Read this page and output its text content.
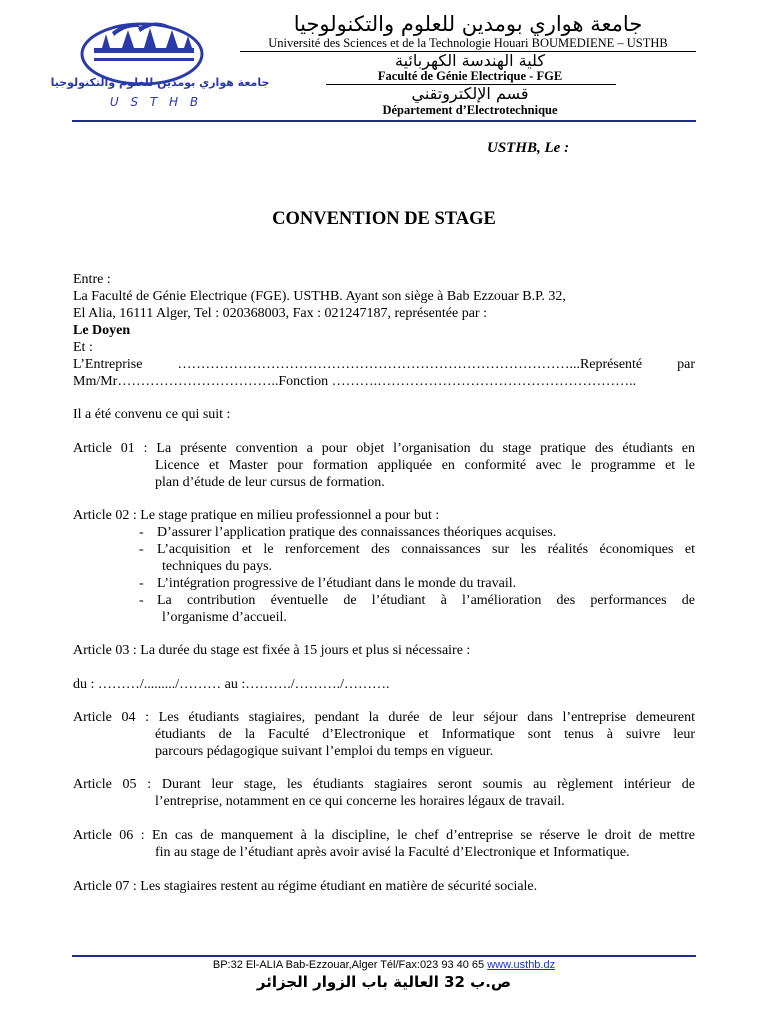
جامعة هواري بومدين للعلوم والتكنولوجيا
U S T H B
جامعة هواري بومدين للعلوم والتكنولوجيا
Université des Sciences et de la Technologie Houari BOUMEDIENE – USTHB
كلية الهندسة الكهربائية
Faculté de Génie Electrique - FGE
قسم الإلكتروتقني
Département d’Electrotechnique
USTHB, Le :
CONVENTION DE STAGE
Entre :
La Faculté de Génie Electrique (FGE). USTHB. Ayant son siège à Bab Ezzouar B.P. 32,
El Alia, 16111 Alger, Tel : 020368003, Fax : 021247187, représentée par :
Le Doyen
Et :
L’Entreprise …………………………………………………………………………...Représenté par
Mm/Mr……………………………..Fonction ……….………………………………………………..
Il a été convenu ce qui suit :
Article 01 : La présente convention a pour objet l’organisation du stage pratique des étudiants en
Licence et Master pour formation appliquée en conformité avec le programme et le
plan d’étude de leur cursus de formation.
Article 02 : Le stage pratique en milieu professionnel a pour but :
- D’assurer l’application pratique des connaissances théoriques acquises.
- L’acquisition et le renforcement des connaissances sur les réalités économiques et
techniques du pays.
- L’intégration progressive de l’étudiant dans le monde du travail.
- La contribution éventuelle de l’étudiant à l’amélioration des performances de
l’organisme d’accueil.
Article 03 : La durée du stage est fixée à 15 jours et plus si nécessaire :
du : ………/........./……… au :………./………./……….
Article 04 : Les étudiants stagiaires, pendant la durée de leur séjour dans l’entreprise demeurent
étudiants de la Faculté d’Electronique et Informatique sont tenus à suivre leur
parcours pédagogique suivant l’emploi du temps en vigueur.
Article 05 : Durant leur stage, les étudiants stagiaires seront soumis au règlement intérieur de
l’entreprise, notamment en ce qui concerne les horaires légaux de travail.
Article 06 : En cas de manquement à la discipline, le chef d’entreprise se réserve le droit de mettre
fin au stage de l’étudiant après avoir avisé la Faculté d’Electronique et Informatique.
Article 07 : Les stagiaires restent au régime étudiant en matière de sécurité sociale.
BP:32 El-ALIA Bab-Ezzouar,Alger Tél/Fax:023 93 40 65 www.usthb.dz
ص.ب 32 العالية باب الزوار الجزائر
